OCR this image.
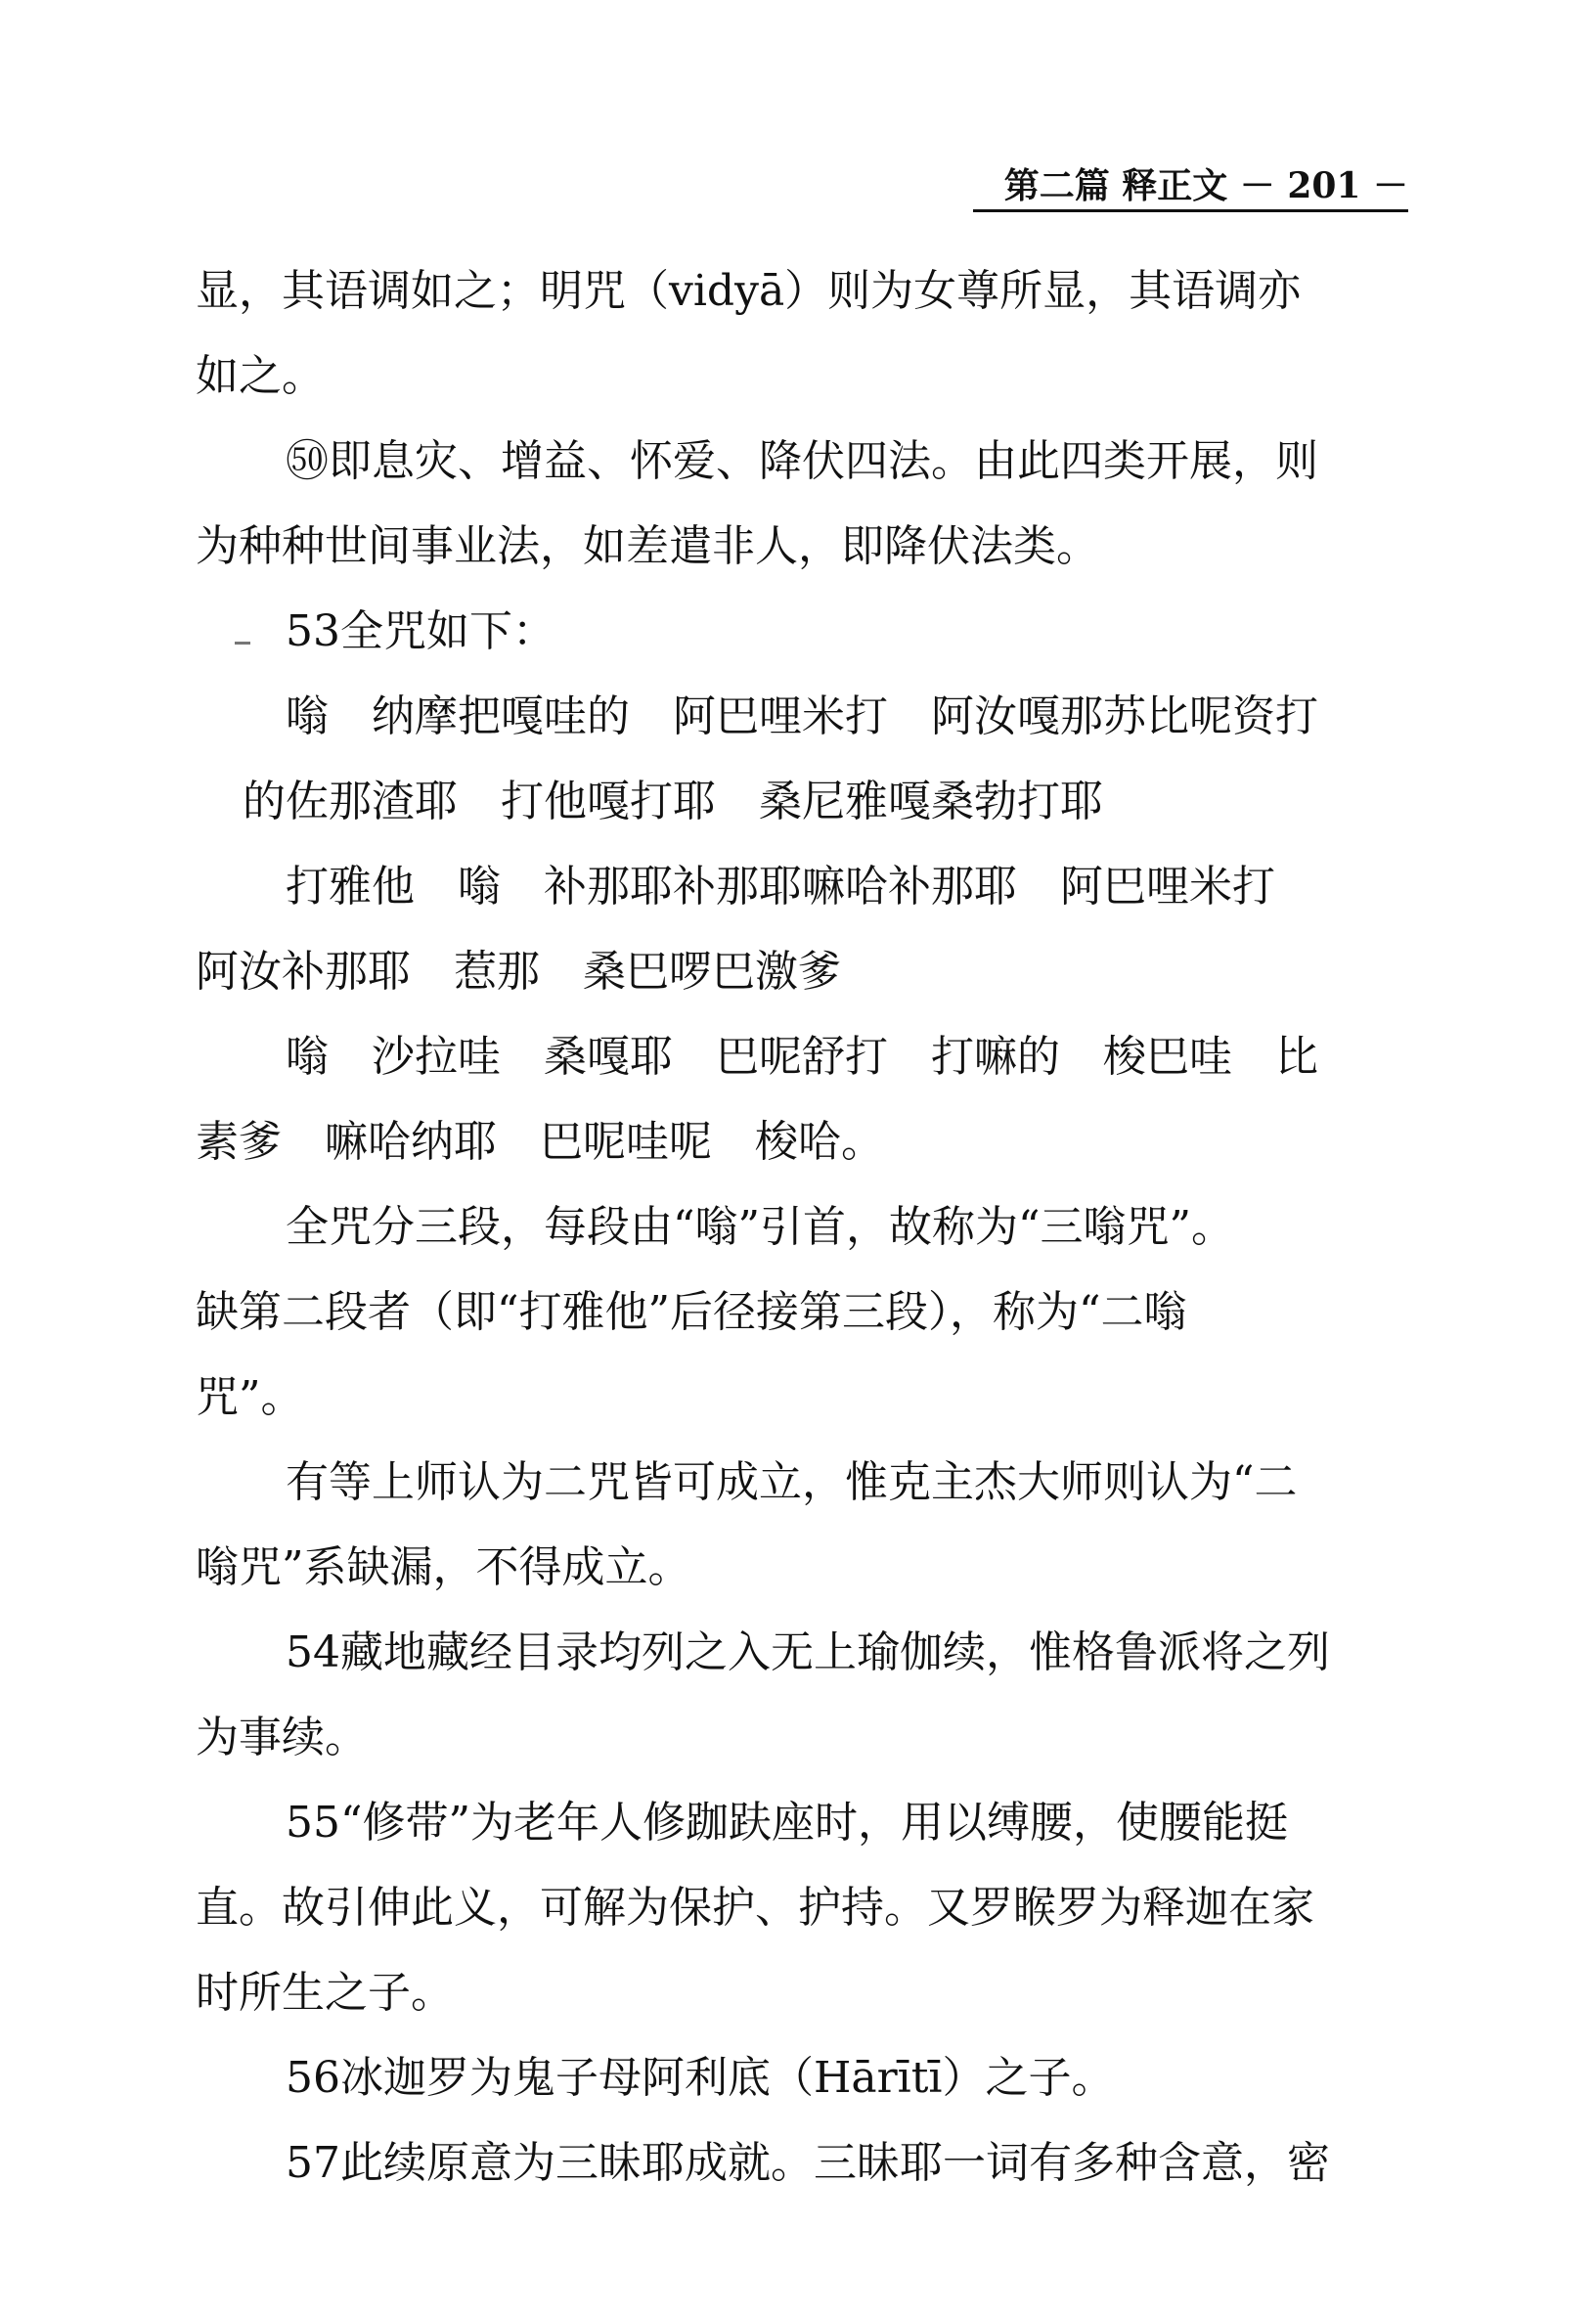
第二篇 释正文 － 201 －
显，其语调如之；明咒（vidyā）则为女尊所显，其语调亦
如之。
㊿即息灾、增益、怀爱、降伏四法。由此四类开展，则
为种种世间事业法，如差遣非人，即降伏法类。
53全咒如下：
嗡　纳摩把嘎哇的　阿巴哩米打　阿汝嘎那苏比呢资打
的佐那渣耶　打他嘎打耶　桑尼雅嘎桑勃打耶
打雅他　嗡　补那耶补那耶嘛哈补那耶　阿巴哩米打
阿汝补那耶　惹那　桑巴啰巴激爹
嗡　沙拉哇　桑嘎耶　巴呢舒打　打嘛的　梭巴哇　比
素爹　嘛哈纳耶　巴呢哇呢　梭哈。
全咒分三段，每段由“嗡”引首，故称为“三嗡咒”。
缺第二段者（即“打雅他”后径接第三段），称为“二嗡
咒”。
有等上师认为二咒皆可成立，惟克主杰大师则认为“二
嗡咒”系缺漏，不得成立。
54藏地藏经目录均列之入无上瑜伽续，惟格鲁派将之列
为事续。
55“修带”为老年人修跏趺座时，用以缚腰，使腰能挺
直。故引伸此义，可解为保护、护持。又罗睺罗为释迦在家
时所生之子。
56冰迦罗为鬼子母阿利底（Hārītī）之子。
57此续原意为三昧耶成就。三昧耶一词有多种含意，密
